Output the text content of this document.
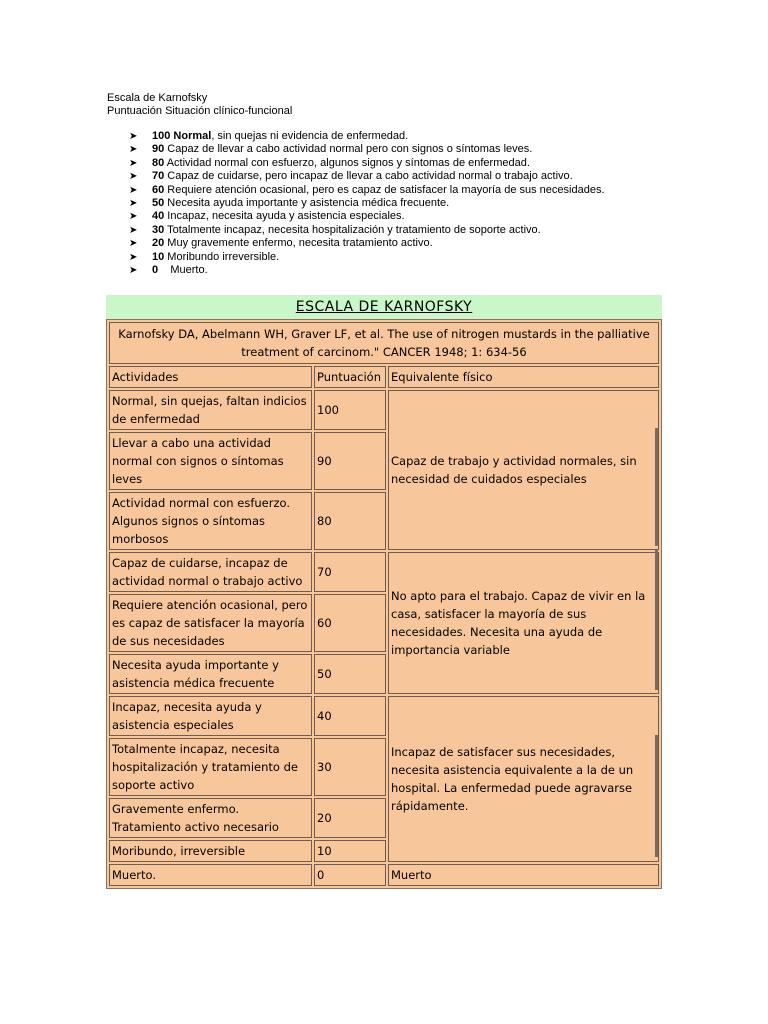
Escala de Karnofsky
Puntuación Situación clínico-funcional
➤ 100 Normal, sin quejas ni evidencia de enfermedad.
➤ 90 Capaz de llevar a cabo actividad normal pero con signos o síntomas leves.
➤ 80 Actividad normal con esfuerzo, algunos signos y síntomas de enfermedad.
➤ 70 Capaz de cuidarse, pero incapaz de llevar a cabo actividad normal o trabajo activo.
➤ 60 Requiere atención ocasional, pero es capaz de satisfacer la mayoría de sus necesidades.
➤ 50 Necesita ayuda importante y asistencia médica frecuente.
➤ 40 Incapaz, necesita ayuda y asistencia especiales.
➤ 30 Totalmente incapaz, necesita hospitalización y tratamiento de soporte activo.
➤ 20 Muy gravemente enfermo, necesita tratamiento activo.
➤ 10 Moribundo irreversible.
➤ 0    Muerto.
ESCALA DE KARNOFSKY
Karnofsky DA, Abelmann WH, Graver LF, et al. The use of nitrogen mustards in the palliative treatment of carcinom." CANCER 1948; 1: 634-56		
Actividades	Puntuación	Equivalente físico
Normal, sin quejas, faltan indicios de enfermedad	100	Capaz de trabajo y actividad normales, sin necesidad de cuidados especiales
Llevar a cabo una actividad normal con signos o síntomas leves	90	
Actividad normal con esfuerzo. Algunos signos o síntomas morbosos	80	
Capaz de cuidarse, incapaz de actividad normal o trabajo activo	70	No apto para el trabajo. Capaz de vivir en la casa, satisfacer la mayoría de sus necesidades. Necesita una ayuda de importancia variable
Requiere atención ocasional, pero es capaz de satisfacer la mayoría de sus necesidades	60	
Necesita ayuda importante y asistencia médica frecuente	50	
Incapaz, necesita ayuda y asistencia especiales	40	Incapaz de satisfacer sus necesidades, necesita asistencia equivalente a la de un hospital. La enfermedad puede agravarse rápidamente.
Totalmente incapaz, necesita hospitalización y tratamiento de soporte activo	30	
Gravemente enfermo. Tratamiento activo necesario	20	
Moribundo, irreversible	10	
Muerto.	0	Muerto
